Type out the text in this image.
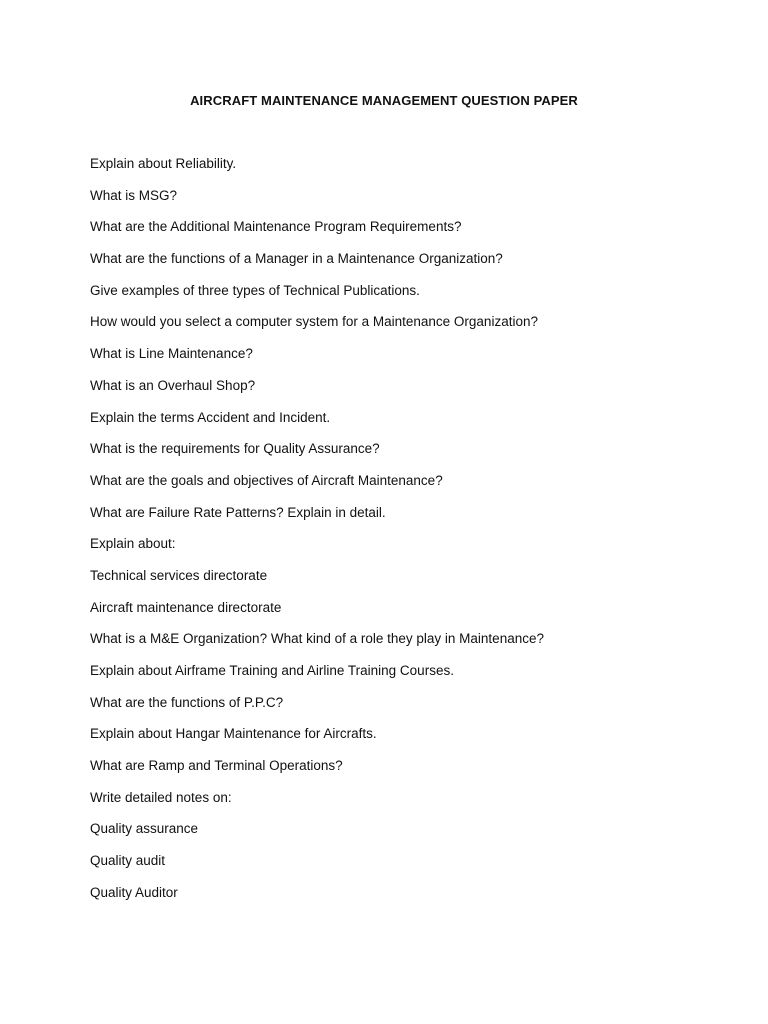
AIRCRAFT MAINTENANCE MANAGEMENT QUESTION PAPER
Explain about Reliability.
What is MSG?
What are the Additional Maintenance Program Requirements?
What are the functions of a Manager in a Maintenance Organization?
Give examples of three types of Technical Publications.
How would you select a computer system for a Maintenance Organization?
What is Line Maintenance?
What is an Overhaul Shop?
Explain the terms Accident and Incident.
What is the requirements for Quality Assurance?
What are the goals and objectives of Aircraft Maintenance?
What are Failure Rate Patterns? Explain in detail.
Explain about:
Technical services directorate
Aircraft maintenance directorate
What is a M&E Organization? What kind of a role they play in Maintenance?
Explain about Airframe Training and Airline Training Courses.
What are the functions of P.P.C?
Explain about Hangar Maintenance for Aircrafts.
What are Ramp and Terminal Operations?
Write detailed notes on:
Quality assurance
Quality audit
Quality Auditor
